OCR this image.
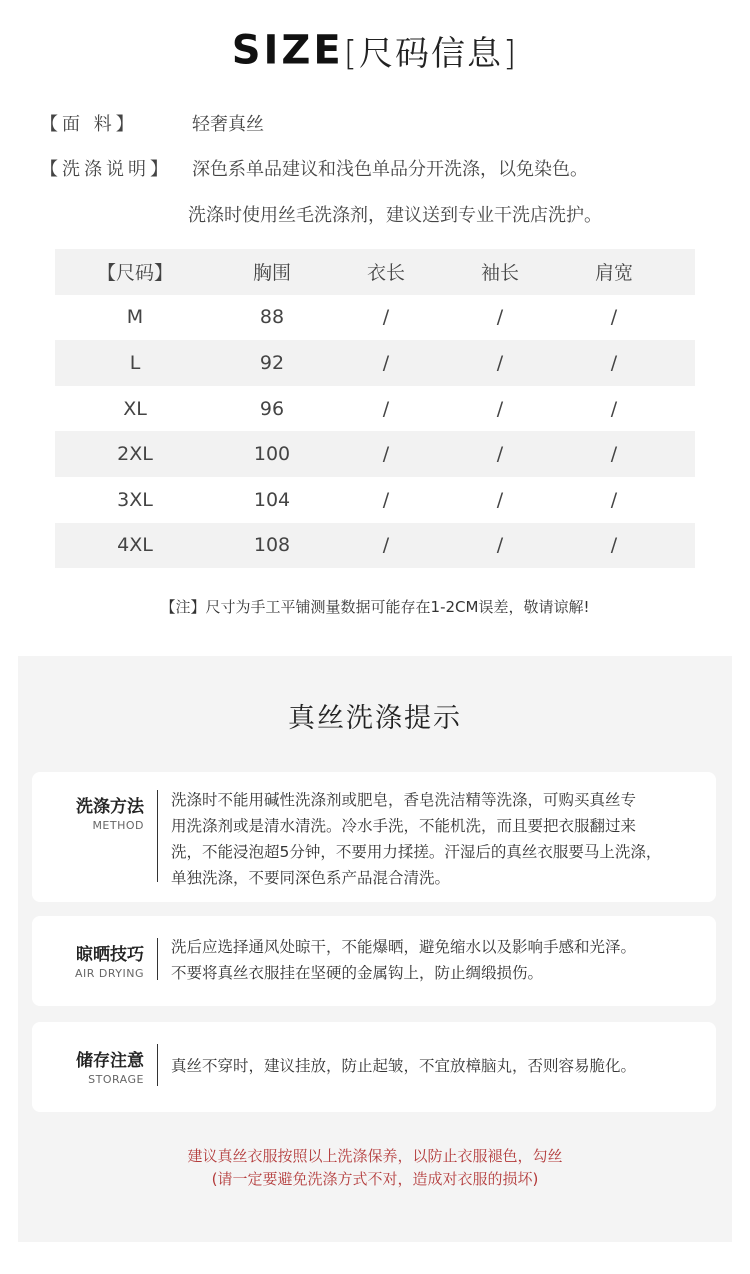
SIZE[尺码信息]
【面 料】	轻奢真丝
【洗涤说明】 深色系单品建议和浅色单品分开洗涤，以免染色。
洗涤时使用丝毛洗涤剂，建议送到专业干洗店洗护。
【尺码】	胸围	衣长	袖长	肩宽
M	88	/	/	/
L	92	/	/	/
XL	96	/	/	/
2XL	100	/	/	/
3XL	104	/	/	/
4XL	108	/	/	/
【注】尺寸为手工平铺测量数据可能存在1-2CM误差，敬请谅解!
真丝洗涤提示
洗涤方法
METHOD
洗涤时不能用碱性洗涤剂或肥皂，香皂洗洁精等洗涤，可购买真丝专
用洗涤剂或是清水清洗。冷水手洗，不能机洗，而且要把衣服翻过来
洗，不能浸泡超5分钟，不要用力揉搓。汗湿后的真丝衣服要马上洗涤，
单独洗涤，不要同深色系产品混合清洗。
晾晒技巧
AIR DRYING
洗后应选择通风处晾干，不能爆晒，避免缩水以及影响手感和光泽。
不要将真丝衣服挂在坚硬的金属钩上，防止绸缎损伤。
储存注意
STORAGE
真丝不穿时，建议挂放，防止起皱，不宜放樟脑丸，否则容易脆化。
建议真丝衣服按照以上洗涤保养，以防止衣服褪色，勾丝
(请一定要避免洗涤方式不对，造成对衣服的损坏)
